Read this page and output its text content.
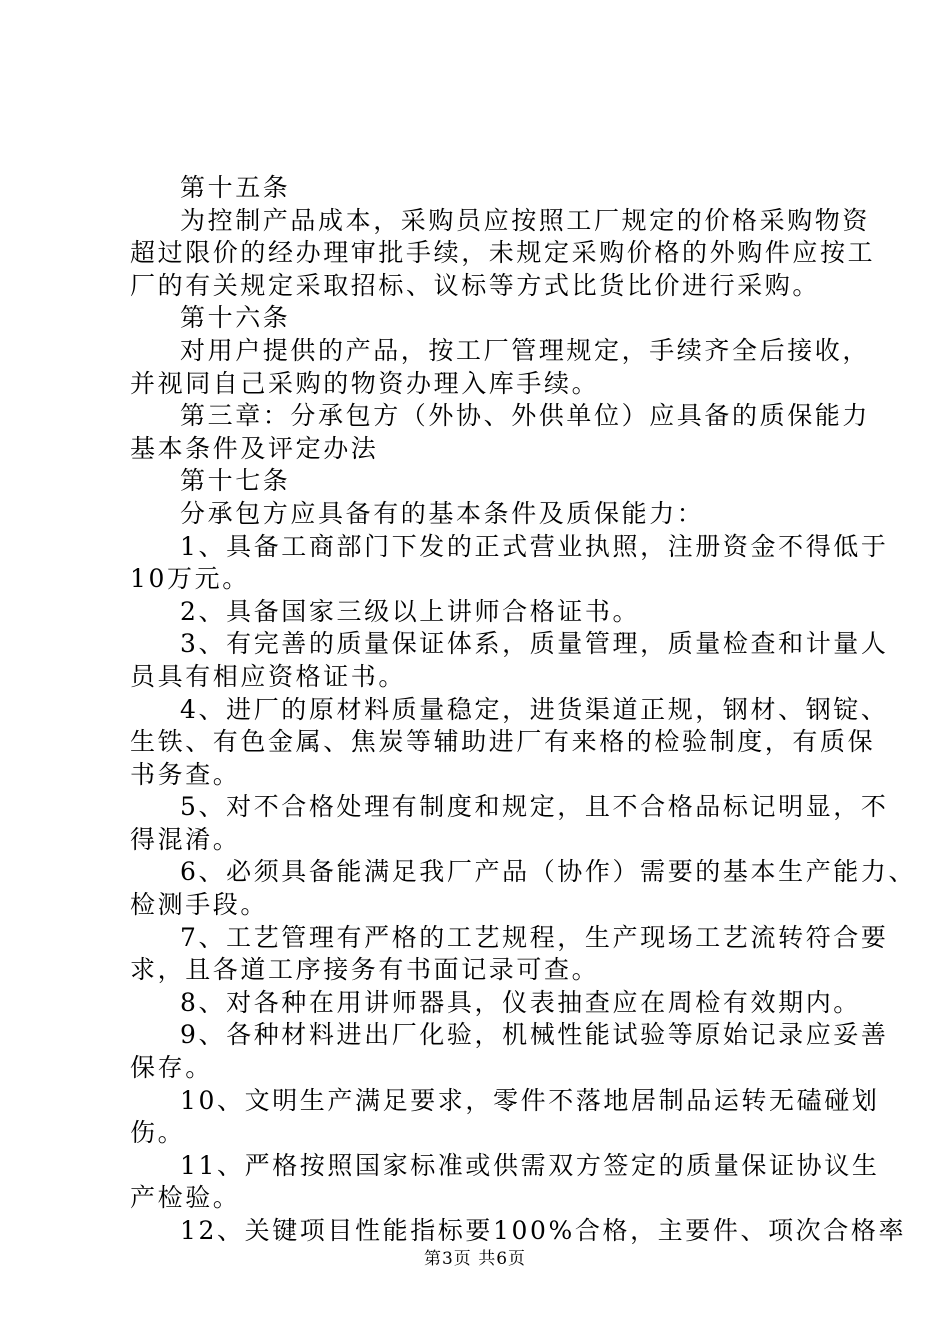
第十五条
为控制产品成本，采购员应按照工厂规定的价格采购物资
超过限价的经办理审批手续，未规定采购价格的外购件应按工
厂的有关规定采取招标、议标等方式比货比价进行采购。
第十六条
对用户提供的产品，按工厂管理规定，手续齐全后接收，
并视同自己采购的物资办理入库手续。
第三章：分承包方（外协、外供单位）应具备的质保能力
基本条件及评定办法
第十七条
分承包方应具备有的基本条件及质保能力：
1、具备工商部门下发的正式营业执照，注册资金不得低于
10万元。
2、具备国家三级以上讲师合格证书。
3、有完善的质量保证体系，质量管理，质量检查和计量人
员具有相应资格证书。
4、进厂的原材料质量稳定，进货渠道正规，钢材、钢锭、
生铁、有色金属、焦炭等辅助进厂有来格的检验制度，有质保
书务查。
5、对不合格处理有制度和规定，且不合格品标记明显，不
得混淆。
6、必须具备能满足我厂产品（协作）需要的基本生产能力、
检测手段。
7、工艺管理有严格的工艺规程，生产现场工艺流转符合要
求，且各道工序接务有书面记录可查。
8、对各种在用讲师器具，仪表抽查应在周检有效期内。
9、各种材料进出厂化验，机械性能试验等原始记录应妥善
保存。
10、文明生产满足要求，零件不落地居制品运转无磕碰划
伤。
11、严格按照国家标准或供需双方签定的质量保证协议生
产检验。
12、关键项目性能指标要100%合格，主要件、项次合格率
第3页 共6页
